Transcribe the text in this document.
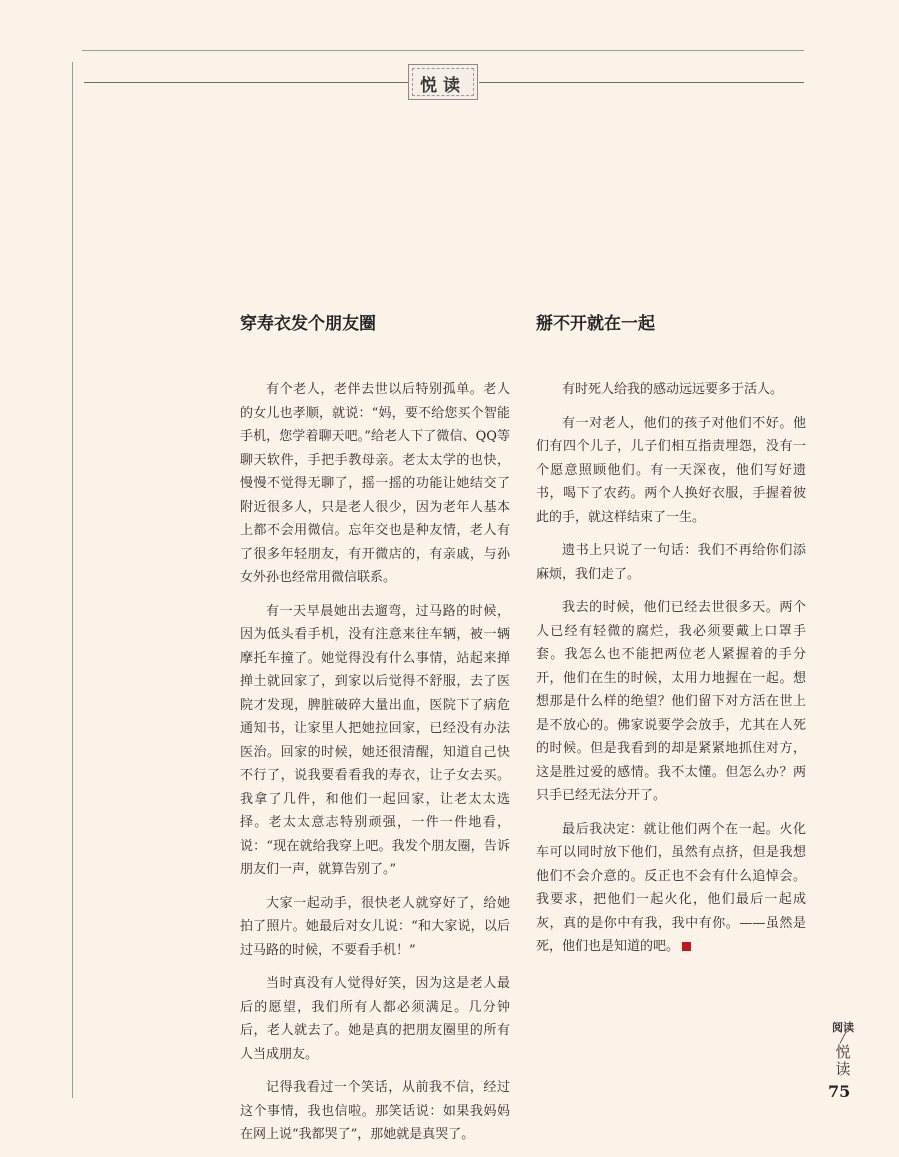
悦读
穿寿衣发个朋友圈

有个老人，老伴去世以后特别孤单。老人的女儿也孝顺，就说：“妈，要不给您买个智能手机，您学着聊天吧。”给老人下了微信、QQ等聊天软件，手把手教母亲。老太太学的也快，慢慢不觉得无聊了，摇一摇的功能让她结交了附近很多人，只是老人很少，因为老年人基本上都不会用微信。忘年交也是种友情，老人有了很多年轻朋友，有开微店的，有亲戚，与孙女外孙也经常用微信联系。

有一天早晨她出去遛弯，过马路的时候，因为低头看手机，没有注意来往车辆，被一辆摩托车撞了。她觉得没有什么事情，站起来掸掸土就回家了，到家以后觉得不舒服，去了医院才发现，脾脏破碎大量出血，医院下了病危通知书，让家里人把她拉回家，已经没有办法医治。回家的时候，她还很清醒，知道自己快不行了，说我要看看我的寿衣，让子女去买。我拿了几件，和他们一起回家，让老太太选择。老太太意志特别顽强，一件一件地看，说：“现在就给我穿上吧。我发个朋友圈，告诉朋友们一声，就算告别了。”

大家一起动手，很快老人就穿好了，给她拍了照片。她最后对女儿说：“和大家说，以后过马路的时候，不要看手机！”

当时真没有人觉得好笑，因为这是老人最后的愿望，我们所有人都必须满足。几分钟后，老人就去了。她是真的把朋友圈里的所有人当成朋友。

记得我看过一个笑话，从前我不信，经过这个事情，我也信啦。那笑话说：如果我妈妈在网上说“我都哭了”，那她就是真哭了。

掰不开就在一起

有时死人给我的感动远远要多于活人。

有一对老人，他们的孩子对他们不好。他们有四个儿子，儿子们相互指责埋怨，没有一个愿意照顾他们。有一天深夜，他们写好遗书，喝下了农药。两个人换好衣服，手握着彼此的手，就这样结束了一生。

遗书上只说了一句话：我们不再给你们添麻烦，我们走了。

我去的时候，他们已经去世很多天。两个人已经有轻微的腐烂，我必须要戴上口罩手套。我怎么也不能把两位老人紧握着的手分开，他们在生的时候，太用力地握在一起。想想那是什么样的绝望？他们留下对方活在世上是不放心的。佛家说要学会放手，尤其在人死的时候。但是我看到的却是紧紧地抓住对方，这是胜过爱的感情。我不太懂。但怎么办？两只手已经无法分开了。

最后我决定：就让他们两个在一起。火化车可以同时放下他们，虽然有点挤，但是我想他们不会介意的。反正也不会有什么追悼会。我要求，把他们一起火化，他们最后一起成灰，真的是你中有我，我中有你。——虽然是死，他们也是知道的吧。

阅读
╱
悦读
75
